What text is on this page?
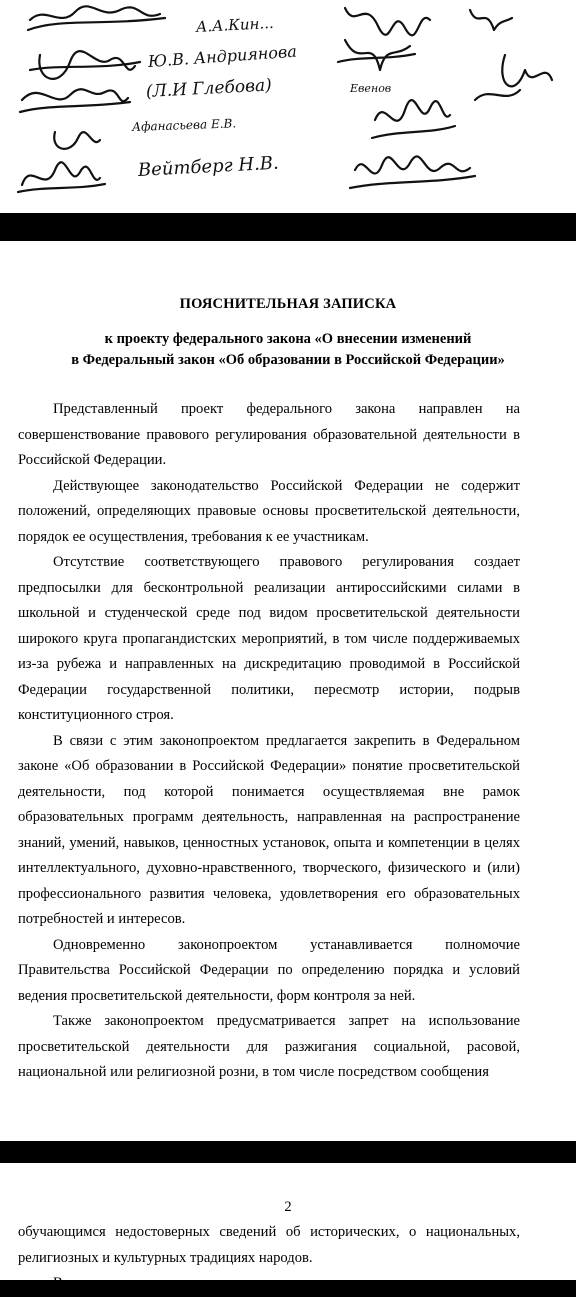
А.А.Кин...
Ю.В. Андриянова
(Л.И Глебова)
Афанасьева Е.В.
Вейтберг Н.В.
Евенов
ПОЯСНИТЕЛЬНАЯ ЗАПИСКА
к проекту федерального закона «О внесении изменений
в Федеральный закон «Об образовании в Российской Федерации»

Представленный проект федерального закона направлен на совершенствование правового регулирования образовательной деятельности в Российской Федерации.

Действующее законодательство Российской Федерации не содержит положений, определяющих правовые основы просветительской деятельности, порядок ее осуществления, требования к ее участникам.

Отсутствие соответствующего правового регулирования создает предпосылки для бесконтрольной реализации антироссийскими силами в школьной и студенческой среде под видом просветительской деятельности широкого круга пропагандистских мероприятий, в том числе поддерживаемых из-за рубежа и направленных на дискредитацию проводимой в Российской Федерации государственной политики, пересмотр истории, подрыв конституционного строя.

В связи с этим законопроектом предлагается закрепить в Федеральном законе «Об образовании в Российской Федерации» понятие просветительской деятельности, под которой понимается осуществляемая вне рамок образовательных программ деятельность, направленная на распространение знаний, умений, навыков, ценностных установок, опыта и компетенции в целях интеллектуального, духовно-нравственного, творческого, физического и (или) профессионального развития человека, удовлетворения его образовательных потребностей и интересов.

Одновременно законопроектом устанавливается полномочие Правительства Российской Федерации по определению порядка и условий ведения просветительской деятельности, форм контроля за ней.

Также законопроектом предусматривается запрет на использование просветительской деятельности для разжигания социальной, расовой, национальной или религиозной розни, в том числе посредством сообщения

2

обучающимся недостоверных сведений об исторических, о национальных, религиозных и культурных традициях народов.

В
